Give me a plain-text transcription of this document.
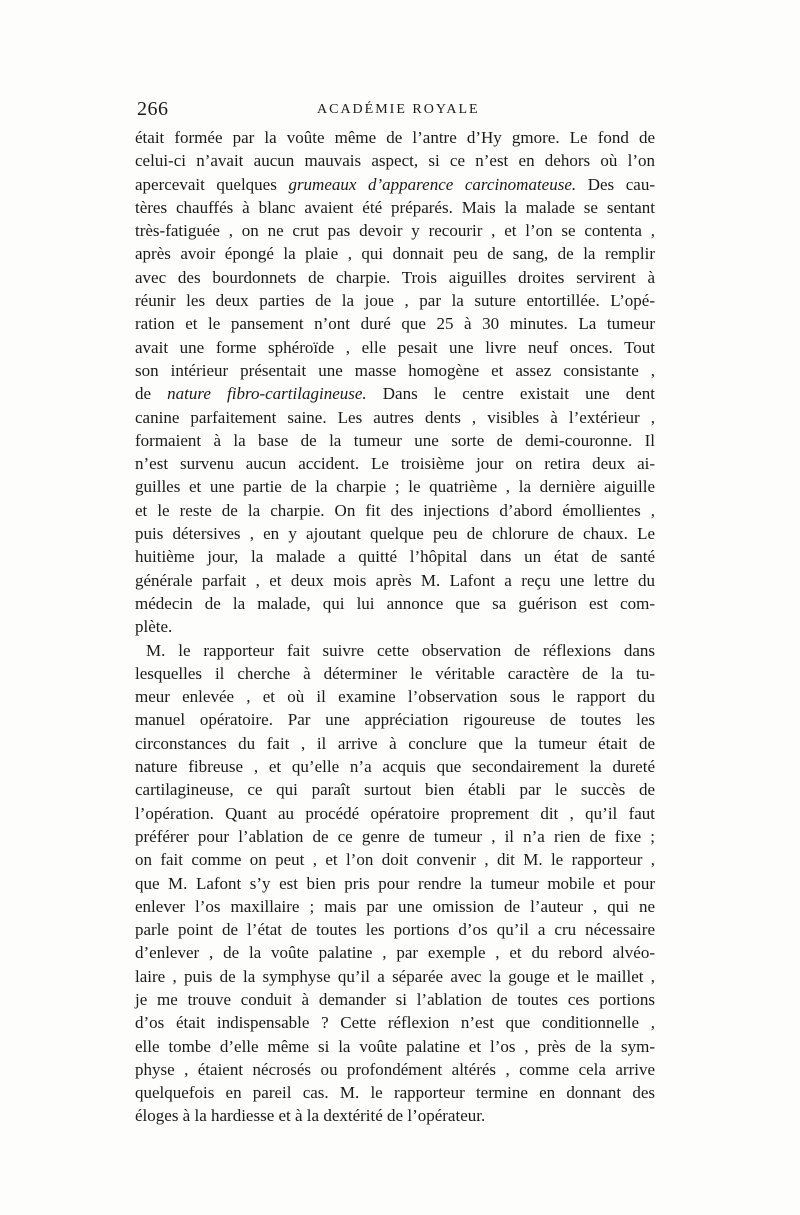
266	ACADÉMIE ROYALE

était formée par la voûte même de l’antre d’Hy gmore. Le fond de
celui-ci n’avait aucun mauvais aspect, si ce n’est en dehors où l’on
apercevait quelques grumeaux d’apparence carcinomateuse. Des cau-
tères chauffés à blanc avaient été préparés. Mais la malade se sentant
très-fatiguée , on ne crut pas devoir y recourir , et l’on se contenta ,
après avoir épongé la plaie , qui donnait peu de sang, de la remplir
avec des bourdonnets de charpie. Trois aiguilles droites servirent à
réunir les deux parties de la joue , par la suture entortillée. L’opé-
ration et le pansement n’ont duré que 25 à 30 minutes. La tumeur
avait une forme sphéroïde , elle pesait une livre neuf onces. Tout
son intérieur présentait une masse homogène et assez consistante ,
de nature fibro-cartilagineuse. Dans le centre existait une dent
canine parfaitement saine. Les autres dents , visibles à l’extérieur ,
formaient à la base de la tumeur une sorte de demi-couronne. Il
n’est survenu aucun accident. Le troisième jour on retira deux ai-
guilles et une partie de la charpie ; le quatrième , la dernière aiguille
et le reste de la charpie. On fit des injections d’abord émollientes ,
puis détersives , en y ajoutant quelque peu de chlorure de chaux. Le
huitième jour, la malade a quitté l’hôpital dans un état de santé
générale parfait , et deux mois après M. Lafont a reçu une lettre du
médecin de la malade, qui lui annonce que sa guérison est com-
plète.

M. le rapporteur fait suivre cette observation de réflexions dans
lesquelles il cherche à déterminer le véritable caractère de la tu-
meur enlevée , et où il examine l’observation sous le rapport du
manuel opératoire. Par une appréciation rigoureuse de toutes les
circonstances du fait , il arrive à conclure que la tumeur était de
nature fibreuse , et qu’elle n’a acquis que secondairement la dureté
cartilagineuse, ce qui paraît surtout bien établi par le succès de
l’opération. Quant au procédé opératoire proprement dit , qu’il faut
préférer pour l’ablation de ce genre de tumeur , il n’a rien de fixe ;
on fait comme on peut , et l’on doit convenir , dit M. le rapporteur ,
que M. Lafont s’y est bien pris pour rendre la tumeur mobile et pour
enlever l’os maxillaire ; mais par une omission de l’auteur , qui ne
parle point de l’état de toutes les portions d’os qu’il a cru nécessaire
d’enlever , de la voûte palatine , par exemple , et du rebord alvéo-
laire , puis de la symphyse qu’il a séparée avec la gouge et le maillet ,
je me trouve conduit à demander si l’ablation de toutes ces portions
d’os était indispensable ? Cette réflexion n’est que conditionnelle ,
elle tombe d’elle même si la voûte palatine et l’os , près de la sym-
physe , étaient nécrosés ou profondément altérés , comme cela arrive
quelquefois en pareil cas. M. le rapporteur termine en donnant des
éloges à la hardiesse et à la dextérité de l’opérateur.
